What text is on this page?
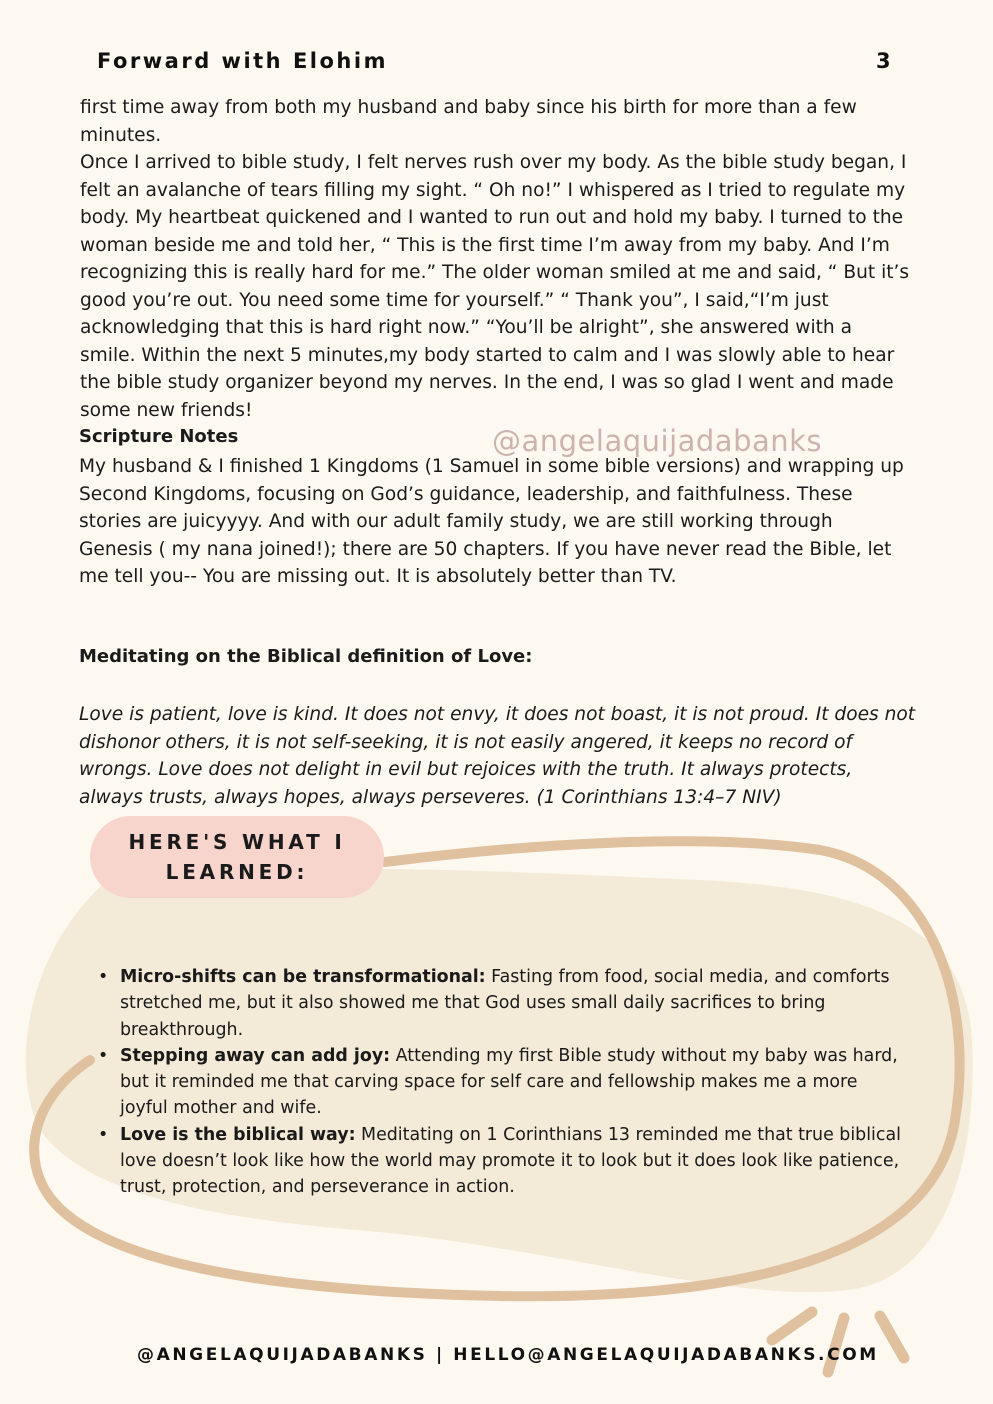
Forward with Elohim	3

first time away from both my husband and baby since his birth for more than a few minutes.

Once I arrived to bible study, I felt nerves rush over my body. As the bible study began, I felt an avalanche of tears filling my sight. “ Oh no!” I whispered as I tried to regulate my body. My heartbeat quickened and I wanted to run out and hold my baby. I turned to the woman beside me and told her, “ This is the first time I’m away from my baby. And I’m recognizing this is really hard for me.” The older woman smiled at me and said, “ But it’s good you’re out. You need some time for yourself.” “ Thank you”, I said,“I’m just acknowledging that this is hard right now.” “You’ll be alright”, she answered with a smile. Within the next 5 minutes,my body started to calm and I was slowly able to hear the bible study organizer beyond my nerves. In the end, I was so glad I went and made some new friends!

Scripture Notes	@angelaquijadabanks

My husband & I finished 1 Kingdoms (1 Samuel in some bible versions) and wrapping up Second Kingdoms, focusing on God’s guidance, leadership, and faithfulness. These stories are juicyyyy. And with our adult family study, we are still working through Genesis ( my nana joined!); there are 50 chapters. If you have never read the Bible, let me tell you-- You are missing out. It is absolutely better than TV.

Meditating on the Biblical definition of Love:

Love is patient, love is kind. It does not envy, it does not boast, it is not proud. It does not dishonor others, it is not self-seeking, it is not easily angered, it keeps no record of wrongs. Love does not delight in evil but rejoices with the truth. It always protects, always trusts, always hopes, always perseveres. (1 Corinthians 13:4–7 NIV)

HERE'S WHAT I LEARNED:
• Micro-shifts can be transformational: Fasting from food, social media, and comforts stretched me, but it also showed me that God uses small daily sacrifices to bring breakthrough.
• Stepping away can add joy: Attending my first Bible study without my baby was hard, but it reminded me that carving space for self care and fellowship makes me a more joyful mother and wife.
• Love is the biblical way: Meditating on 1 Corinthians 13 reminded me that true biblical love doesn’t look like how the world may promote it to look but it does look like patience, trust, protection, and perseverance in action.
@ANGELAQUIJADABANKS | HELLO@ANGELAQUIJADABANKS.COM
